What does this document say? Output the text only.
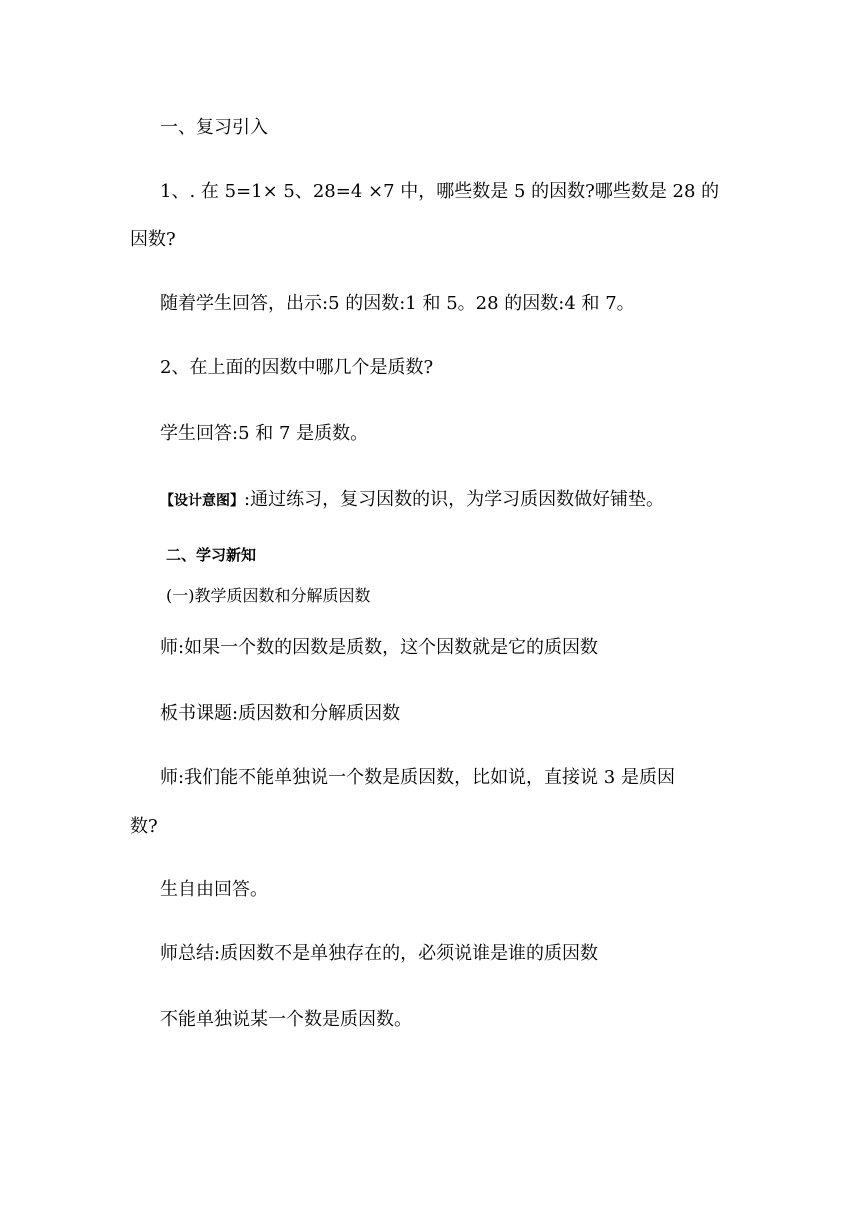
一、复习引入
1、. 在 5=1× 5、28=4 ×7 中，哪些数是 5 的因数?哪些数是 28 的
因数?
随着学生回答，出示:5 的因数:1 和 5。28 的因数:4 和 7。
2、在上面的因数中哪几个是质数?
学生回答:5 和 7 是质数。
【设计意图】:通过练习，复习因数的识，为学习质因数做好铺垫。
二、学习新知
(一)教学质因数和分解质因数
师:如果一个数的因数是质数，这个因数就是它的质因数
板书课题:质因数和分解质因数
师:我们能不能单独说一个数是质因数，比如说，直接说 3 是质因
数?
生自由回答。
师总结:质因数不是单独存在的，必须说谁是谁的质因数
不能单独说某一个数是质因数。
